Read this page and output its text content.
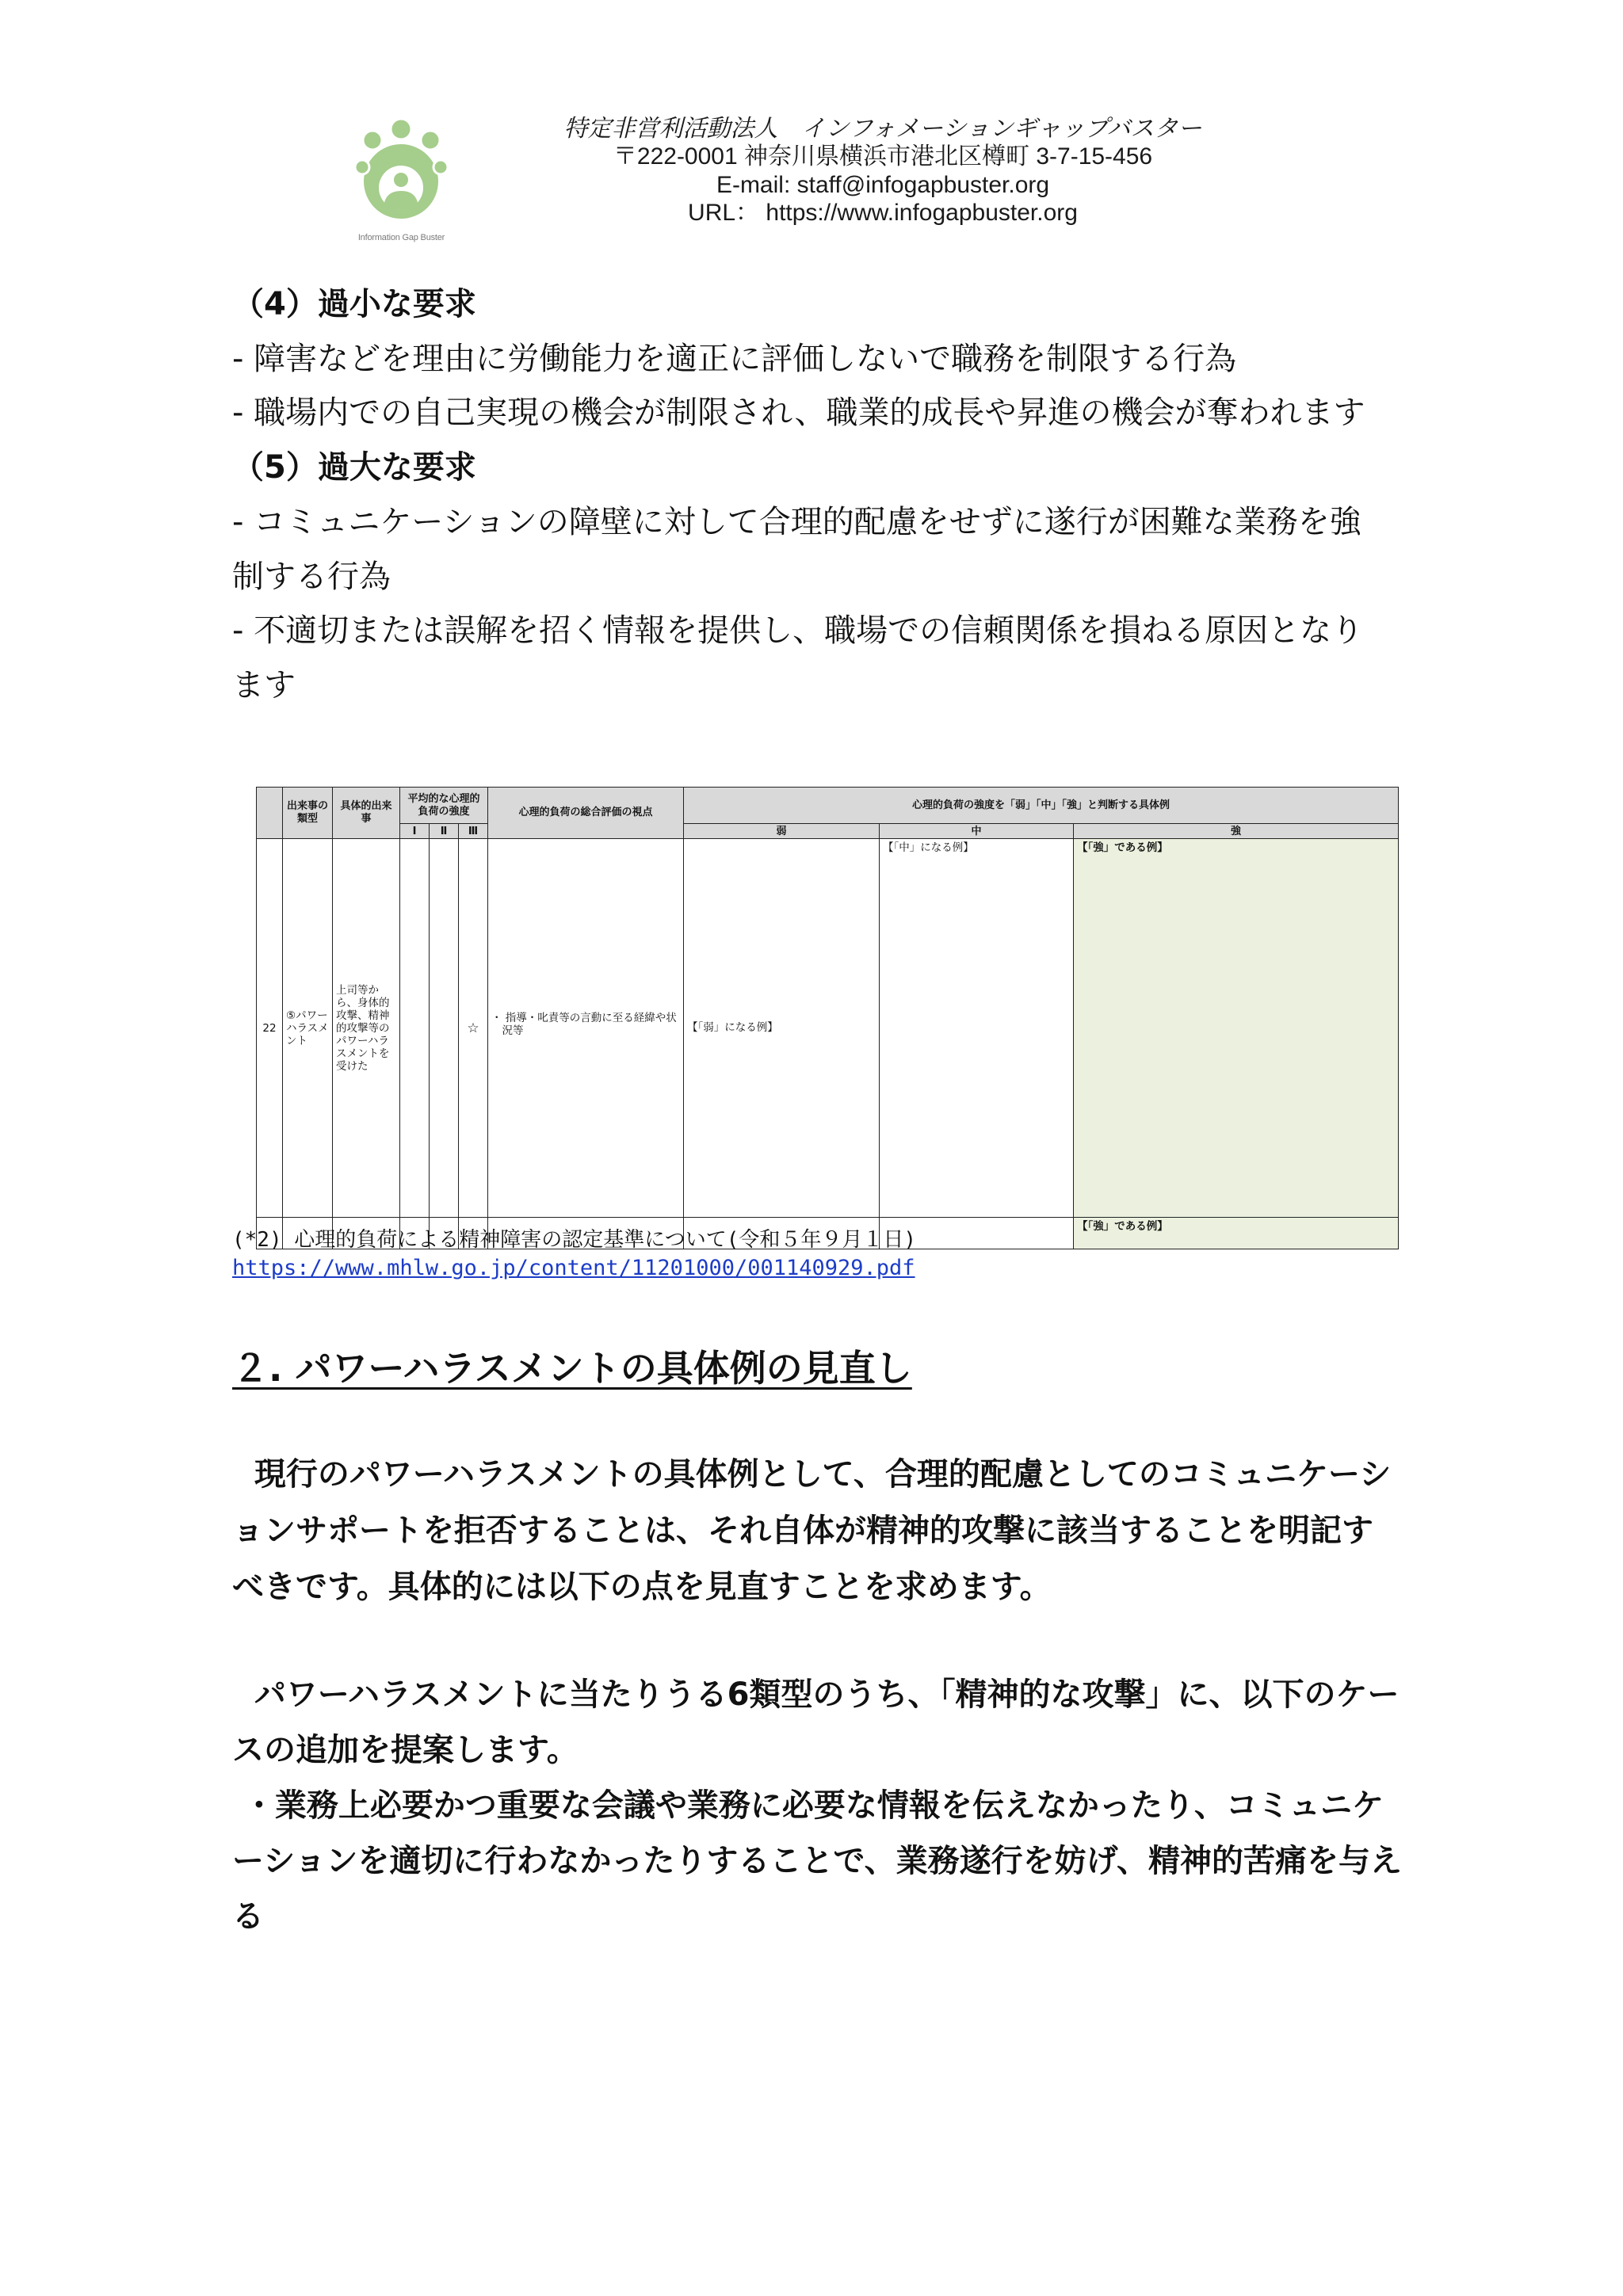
Information Gap Buster
特定非営利活動法人　インフォメーションギャップバスター
〒222-0001 神奈川県横浜市港北区樽町 3-7-15-456
E-mail: staff@infogapbuster.org
URL： https://www.infogapbuster.org
（4）過小な要求
- 障害などを理由に労働能力を適正に評価しないで職務を制限する行為
- 職場内での自己実現の機会が制限され、職業的成長や昇進の機会が奪われます
（5）過大な要求
- コミュニケーションの障壁に対して合理的配慮をせずに遂行が困難な業務を強
制する行為
- 不適切または誤解を招く情報を提供し、職場での信頼関係を損ねる原因となり
ます
	出来事の類型	具体的出来事	平均的な心理的負荷の強度			心理的負荷の総合評価の視点	心理的負荷の強度を「弱」「中」「強」と判断する具体例		
			Ⅰ	Ⅱ	Ⅲ		弱	中	強
22	⑤パワーハラスメント	上司等から、身体的攻撃、精神的攻撃等のパワーハラスメントを受けた			☆	・ 指導・叱責等の言動に至る経緯や状況等	【「弱」になる例】	【「中」になる例】	【「強」である例】

									【「強」である例】
(*2) 心理的負荷による精神障害の認定基準について(令和５年９月１日)
https://www.mhlw.go.jp/content/11201000/001140929.pdf
２. パワーハラスメントの具体例の見直し
現行のパワーハラスメントの具体例として、合理的配慮としてのコミュニケーシ
ョンサポートを拒否することは、それ自体が精神的攻撃に該当することを明記す
べきです。具体的には以下の点を見直すことを求めます。
パワーハラスメントに当たりうる6類型のうち、「精神的な攻撃」に、以下のケー
スの追加を提案します。
・業務上必要かつ重要な会議や業務に必要な情報を伝えなかったり、コミュニケ
ーションを適切に行わなかったりすることで、業務遂行を妨げ、精神的苦痛を与え
る
